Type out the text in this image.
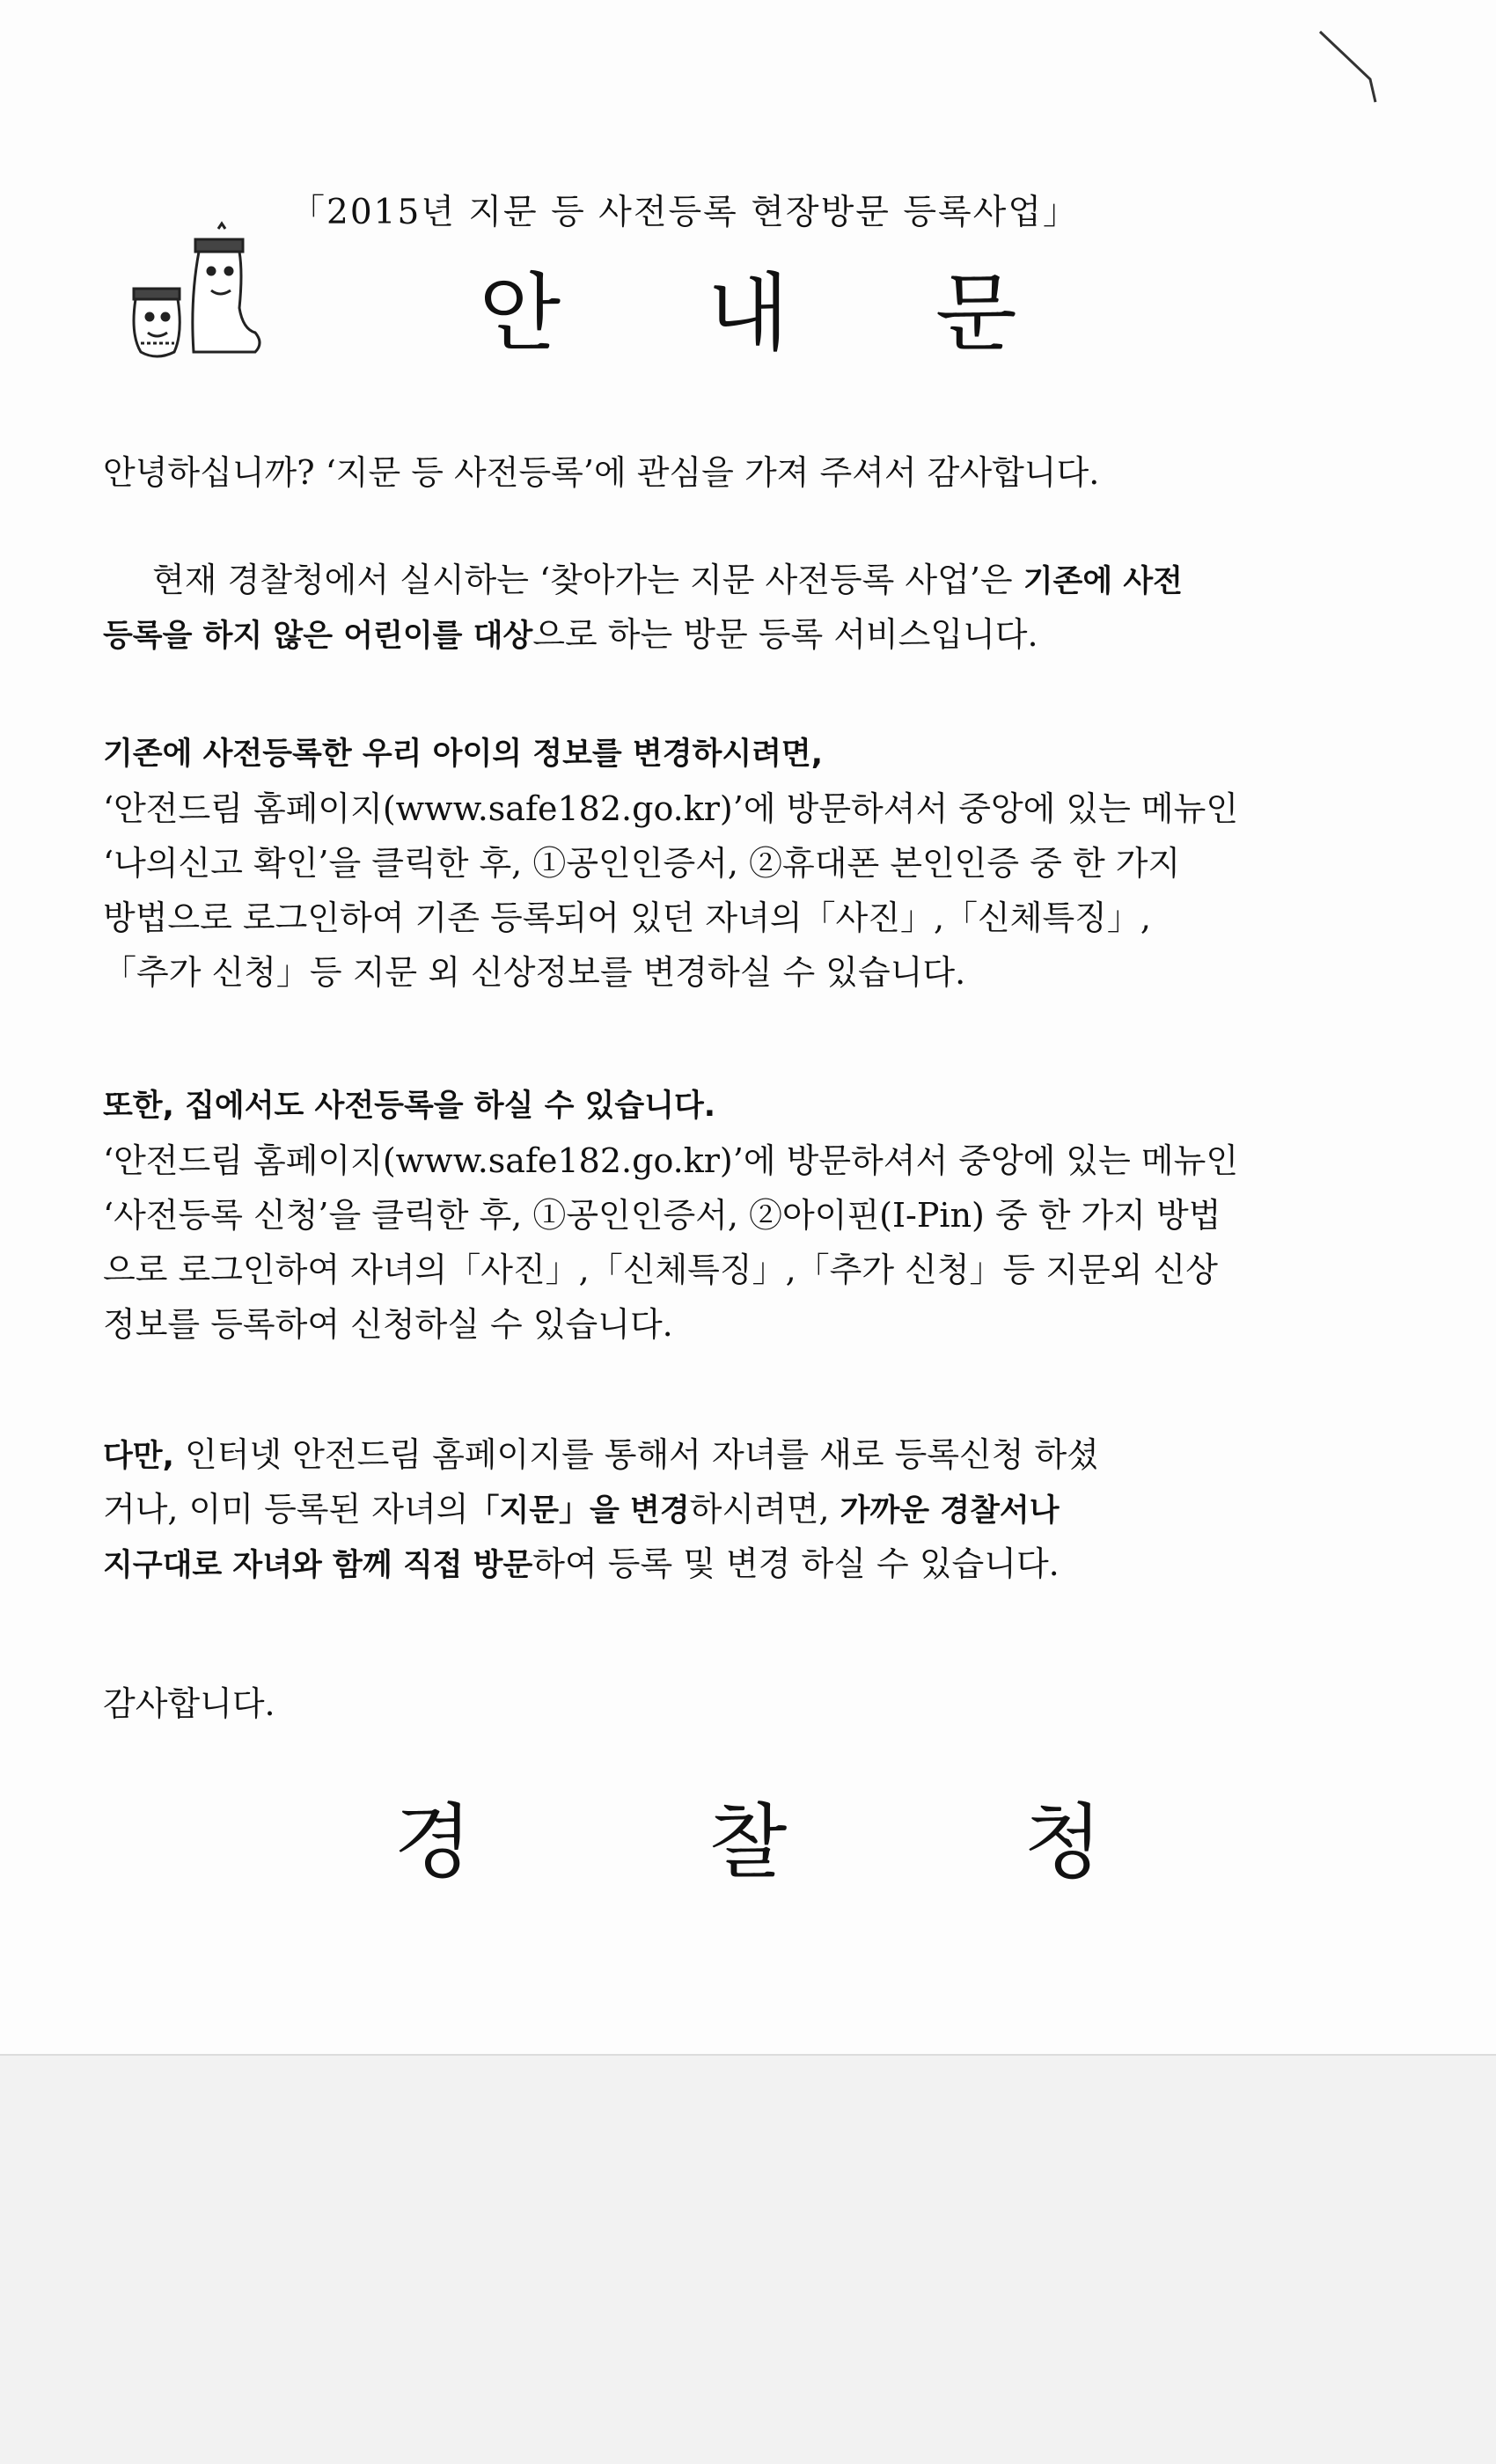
「2015년 지문 등 사전등록 현장방문 등록사업」
안 내 문
안녕하십니까? ‘지문 등 사전등록’에 관심을 가져 주셔서 감사합니다.
현재 경찰청에서 실시하는 ‘찾아가는 지문 사전등록 사업’은 기존에 사전
등록을 하지 않은 어린이를 대상으로 하는 방문 등록 서비스입니다.
기존에 사전등록한 우리 아이의 정보를 변경하시려면,
‘안전드림 홈페이지(www.safe182.go.kr)’에 방문하셔서 중앙에 있는 메뉴인
‘나의신고 확인’을 클릭한 후, ①공인인증서, ②휴대폰 본인인증 중 한 가지
방법으로 로그인하여 기존 등록되어 있던 자녀의「사진」,「신체특징」,
「추가 신청」등 지문 외 신상정보를 변경하실 수 있습니다.
또한, 집에서도 사전등록을 하실 수 있습니다.
‘안전드림 홈페이지(www.safe182.go.kr)’에 방문하셔서 중앙에 있는 메뉴인
‘사전등록 신청’을 클릭한 후, ①공인인증서, ②아이핀(I-Pin) 중 한 가지 방법
으로 로그인하여 자녀의「사진」,「신체특징」,「추가 신청」등 지문외 신상
정보를 등록하여 신청하실 수 있습니다.
다만, 인터넷 안전드림 홈페이지를 통해서 자녀를 새로 등록신청 하셨
거나, 이미 등록된 자녀의「지문」을 변경하시려면, 가까운 경찰서나
지구대로 자녀와 함께 직접 방문하여 등록 및 변경 하실 수 있습니다.
감사합니다.
경 찰 청
